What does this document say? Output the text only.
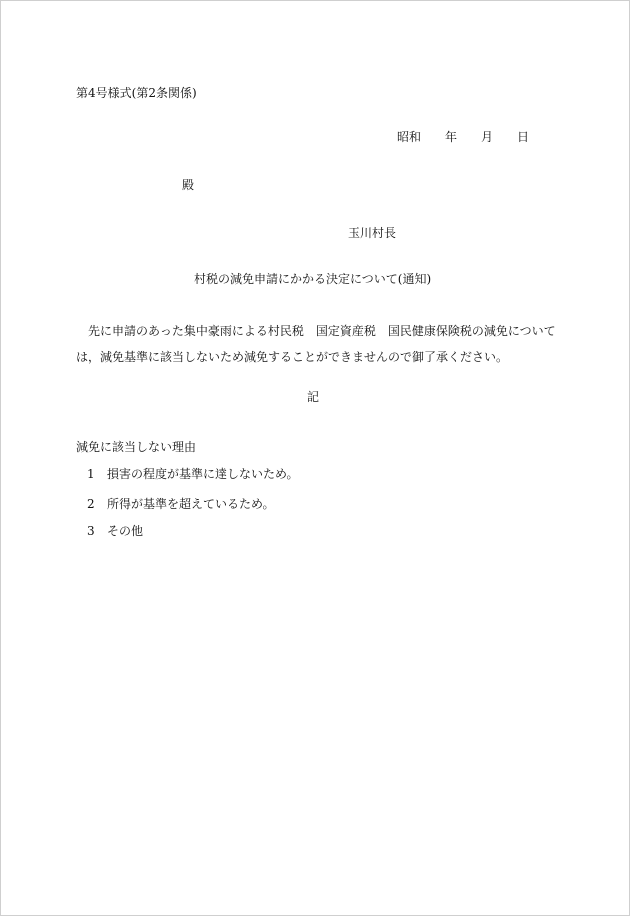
第4号様式(第2条関係)
昭和 年 月 日
殿
玉川村長
村税の減免申請にかかる決定について(通知)
先に申請のあった集中豪雨による村民税　国定資産税　国民健康保険税の減免については，減免基準に該当しないため減免することができませんので御了承ください。
記
減免に該当しない理由
1 損害の程度が基準に達しないため。
2 所得が基準を超えているため。
3 その他
